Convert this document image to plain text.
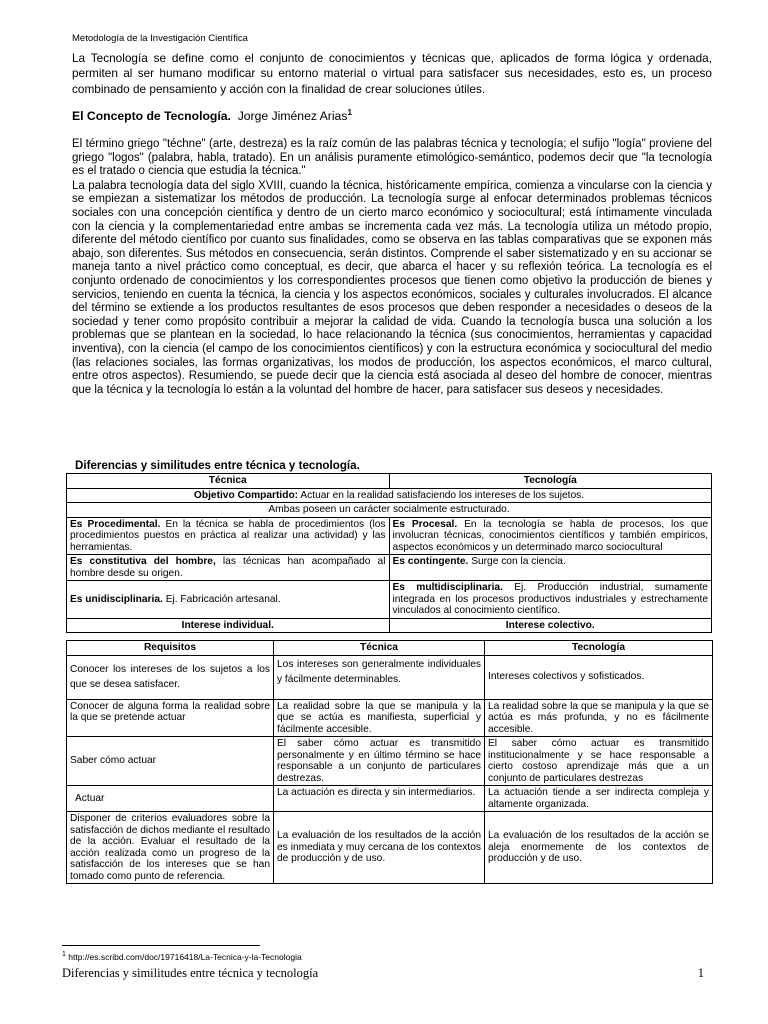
Metodología de la Investigación Científica
La Tecnología se define como el conjunto de conocimientos y técnicas que, aplicados de forma lógica y ordenada, permiten al ser humano modificar su entorno material o virtual para satisfacer sus necesidades, esto es, un proceso combinado de pensamiento y acción con la finalidad de crear soluciones útiles.
El Concepto de Tecnología. Jorge Jiménez Arias$^1$

El término griego "téchne" (arte, destreza) es la raíz común de las palabras técnica y tecnología; el sufijo "logía" proviene del griego "logos" (palabra, habla, tratado). En un análisis puramente etimológico-semántico, podemos decir que "la tecnología es el tratado o ciencia que estudia la técnica."

La palabra tecnología data del siglo XVIII, cuando la técnica, históricamente empírica, comienza a vincularse con la ciencia y se empiezan a sistematizar los métodos de producción. La tecnología surge al enfocar determinados problemas técnicos sociales con una concepción científica y dentro de un cierto marco económico y sociocultural; está íntimamente vinculada con la ciencia y la complementariedad entre ambas se incrementa cada vez más. La tecnología utiliza un método propio, diferente del método científico por cuanto sus finalidades, como se observa en las tablas comparativas que se exponen más abajo, son diferentes. Sus métodos en consecuencia, serán distintos. Comprende el saber sistematizado y en su accionar se maneja tanto a nivel práctico como conceptual, es decir, que abarca el hacer y su reflexión teórica. La tecnología es el conjunto ordenado de conocimientos y los correspondientes procesos que tienen como objetivo la producción de bienes y servicios, teniendo en cuenta la técnica, la ciencia y los aspectos económicos, sociales y culturales involucrados. El alcance del término se extiende a los productos resultantes de esos procesos que deben responder a necesidades o deseos de la sociedad y tener como propósito contribuir a mejorar la calidad de vida. Cuando la tecnología busca una solución a los problemas que se plantean en la sociedad, lo hace relacionando la técnica (sus conocimientos, herramientas y capacidad inventiva), con la ciencia (el campo de los conocimientos científicos) y con la estructura económica y sociocultural del medio (las relaciones sociales, las formas organizativas, los modos de producción, los aspectos económicos, el marco cultural, entre otros aspectos). Resumiendo, se puede decir que la ciencia está asociada al deseo del hombre de conocer, mientras que la técnica y la tecnología lo están a la voluntad del hombre de hacer, para satisfacer sus deseos y necesidades.

Diferencias y similitudes entre técnica y tecnología.
Técnica	Tecnología
Objetivo Compartido: Actuar en la realidad satisfaciendo los intereses de los sujetos.	
Ambas poseen un carácter socialmente estructurado.	
Es Procedimental. En la técnica se habla de procedimientos (los procedimientos puestos en práctica al realizar una actividad) y las herramientas.	Es Procesal. En la tecnología se habla de procesos, los que involucran técnicas, conocimientos científicos y también empíricos, aspectos económicos y un determinado marco sociocultural
Es constitutiva del hombre, las técnicas han acompañado al hombre desde su origen.	Es contingente. Surge con la ciencia.
Es unidisciplinaria. Ej. Fabricación artesanal.	Es multidisciplinaria. Ej. Producción industrial, sumamente integrada en los procesos productivos industriales y estrechamente vinculados al conocimiento científico.
Interese individual.	Interese colectivo.
Requisitos	Técnica	Tecnología
Conocer los intereses de los sujetos a los que se desea satisfacer.	Los intereses son generalmente individuales y fácilmente determinables.	Intereses colectivos y sofisticados.
Conocer de alguna forma la realidad sobre la que se pretende actuar	La realidad sobre la que se manipula y la que se actúa es manifiesta, superficial y fácilmente accesible.	La realidad sobre la que se manipula y la que se actúa es más profunda, y no es fácilmente accesible.
Saber cómo actuar	El saber cómo actuar es transmitido personalmente y en último término se hace responsable a un conjunto de particulares destrezas.	El saber cómo actuar es transmitido institucionalmente y se hace responsable a cierto costoso aprendizaje más que a un conjunto de particulares destrezas
Actuar	La actuación es directa y sin intermediarios.	La actuación tiende a ser indirecta compleja y altamente organizada.
Disponer de criterios evaluadores sobre la satisfacción de dichos mediante el resultado de la acción. Evaluar el resultado de la acción realizada como un progreso de la satisfacción de los intereses que se han tomado como punto de referencia.	La evaluación de los resultados de la acción es inmediata y muy cercana de los contextos de producción y de uso.	La evaluación de los resultados de la acción se aleja enormemente de los contextos de producción y de uso.
$^1$ http://es.scribd.com/doc/19716418/La-Tecnica-y-la-Tecnologia
Diferencias y similitudes entre técnica y tecnología	1
